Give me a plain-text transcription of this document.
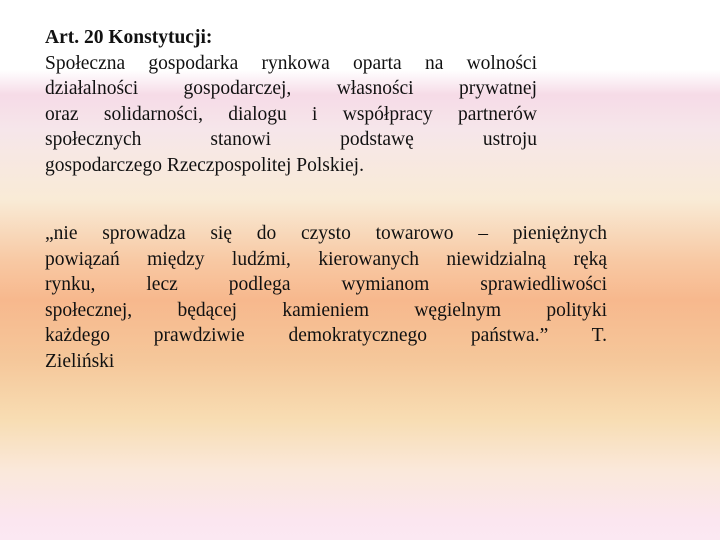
Art. 20 Konstytucji:
Społeczna gospodarka rynkowa oparta na wolności
działalności gospodarczej, własności prywatnej
oraz solidarności, dialogu i współpracy partnerów
społecznych stanowi podstawę ustroju
gospodarczego Rzeczpospolitej Polskiej.
„nie sprowadza się do czysto towarowo – pieniężnych
powiązań między ludźmi, kierowanych niewidzialną ręką
rynku, lecz podlega wymianom sprawiedliwości
społecznej, będącej kamieniem węgielnym polityki
każdego prawdziwie demokratycznego państwa.” T.
Zieliński
